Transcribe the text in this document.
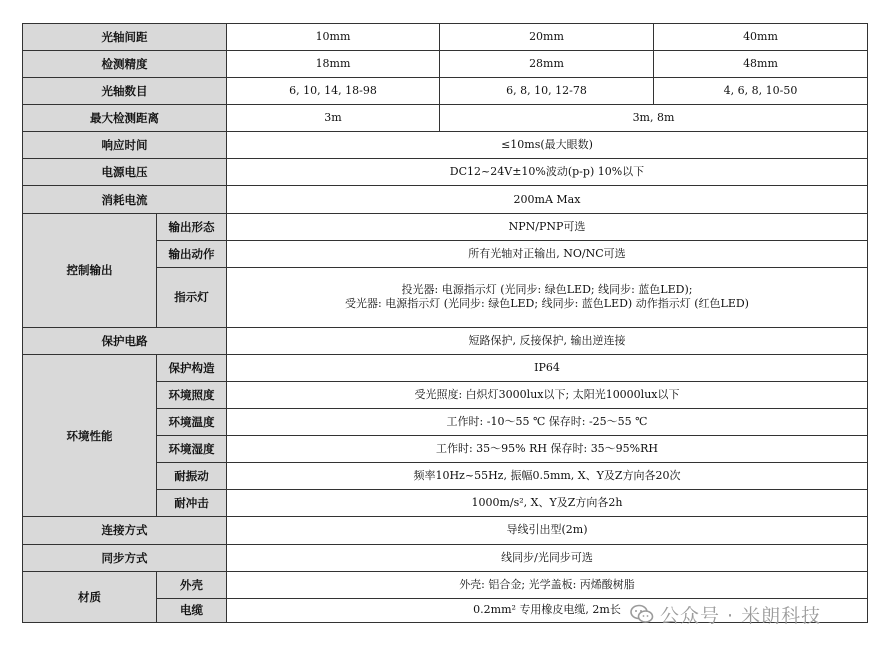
光轴间距		10mm	20mm	40mm
检测精度		18mm	28mm	48mm
光轴数目		6, 10, 14, 18-98	6, 8, 10, 12-78	4, 6, 8, 10-50
最大检测距离		3m	3m, 8m	
响应时间		≤10ms(最大眼数)		
电源电压		DC12~24V±10%波动(p-p) 10%以下		
消耗电流		200mA Max		
控制输出	输出形态	NPN/PNP可选		
	输出动作	所有光轴对正输出, NO/NC可选		
	指示灯	投光器: 电源指示灯 (光同步: 绿色LED; 线同步: 蓝色LED);
受光器: 电源指示灯 (光同步: 绿色LED; 线同步: 蓝色LED) 动作指示灯 (红色LED)		

保护电路		短路保护, 反接保护, 输出逆连接		
环境性能	保护构造	IP64		
	环境照度	受光照度: 白炽灯3000lux以下; 太阳光10000lux以下		
	环境温度	工作时: -10～55 ℃ 保存时: -25～55 ℃		
	环境湿度	工作时: 35～95% RH 保存时: 35～95%RH		
	耐振动	频率10Hz~55Hz, 振幅0.5mm, X、Y及Z方向各20次		
	耐冲击	1000m/s², X、Y及Z方向各2h		
连接方式		导线引出型(2m)		
同步方式		线同步/光同步可选		
材质	外壳	外壳: 铝合金; 光学盖板: 丙烯酸树脂		
	电缆	0.2mm² 专用橡皮电缆, 2m长		公众号 · 米朗科技
